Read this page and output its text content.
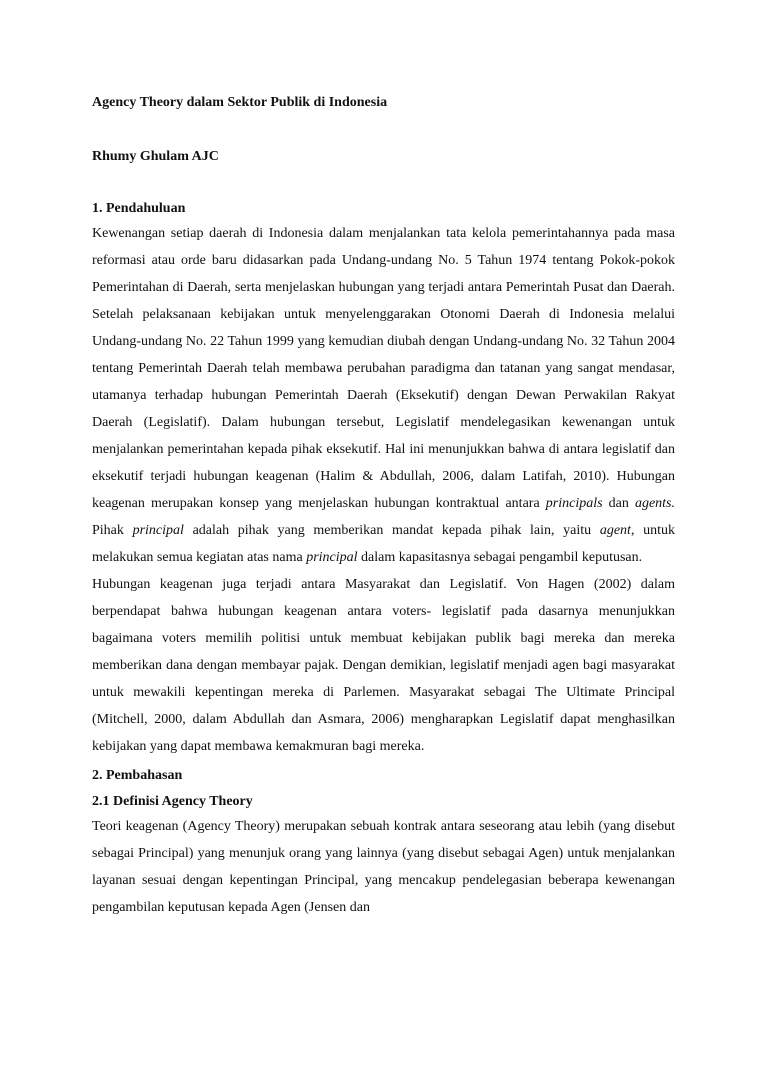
Agency Theory dalam Sektor Publik di Indonesia

Rhumy Ghulam AJC

1. Pendahuluan

Kewenangan setiap daerah di Indonesia dalam menjalankan tata kelola pemerintahannya pada masa reformasi atau orde baru didasarkan pada Undang-undang No. 5 Tahun 1974 tentang Pokok-pokok Pemerintahan di Daerah, serta menjelaskan hubungan yang terjadi antara Pemerintah Pusat dan Daerah. Setelah pelaksanaan kebijakan untuk menyelenggarakan Otonomi Daerah di Indonesia melalui Undang-undang No. 22 Tahun 1999 yang kemudian diubah dengan Undang-undang No. 32 Tahun 2004 tentang Pemerintah Daerah telah membawa perubahan paradigma dan tatanan yang sangat mendasar, utamanya terhadap hubungan Pemerintah Daerah (Eksekutif) dengan Dewan Perwakilan Rakyat Daerah (Legislatif). Dalam hubungan tersebut, Legislatif mendelegasikan kewenangan untuk menjalankan pemerintahan kepada pihak eksekutif. Hal ini menunjukkan bahwa di antara legislatif dan eksekutif terjadi hubungan keagenan (Halim & Abdullah, 2006, dalam Latifah, 2010). Hubungan keagenan merupakan konsep yang menjelaskan hubungan kontraktual antara principals dan agents. Pihak principal adalah pihak yang memberikan mandat kepada pihak lain, yaitu agent, untuk melakukan semua kegiatan atas nama principal dalam kapasitasnya sebagai pengambil keputusan.

Hubungan keagenan juga terjadi antara Masyarakat dan Legislatif. Von Hagen (2002) dalam berpendapat bahwa hubungan keagenan antara voters- legislatif pada dasarnya menunjukkan bagaimana voters memilih politisi untuk membuat kebijakan publik bagi mereka dan mereka memberikan dana dengan membayar pajak. Dengan demikian, legislatif menjadi agen bagi masyarakat untuk mewakili kepentingan mereka di Parlemen. Masyarakat sebagai The Ultimate Principal (Mitchell, 2000, dalam Abdullah dan Asmara, 2006) mengharapkan Legislatif dapat menghasilkan kebijakan yang dapat membawa kemakmuran bagi mereka.

2. Pembahasan

2.1 Definisi Agency Theory

Teori keagenan (Agency Theory) merupakan sebuah kontrak antara seseorang atau lebih (yang disebut sebagai Principal) yang menunjuk orang yang lainnya (yang disebut sebagai Agen) untuk menjalankan layanan sesuai dengan kepentingan Principal, yang mencakup pendelegasian beberapa kewenangan pengambilan keputusan kepada Agen (Jensen dan
